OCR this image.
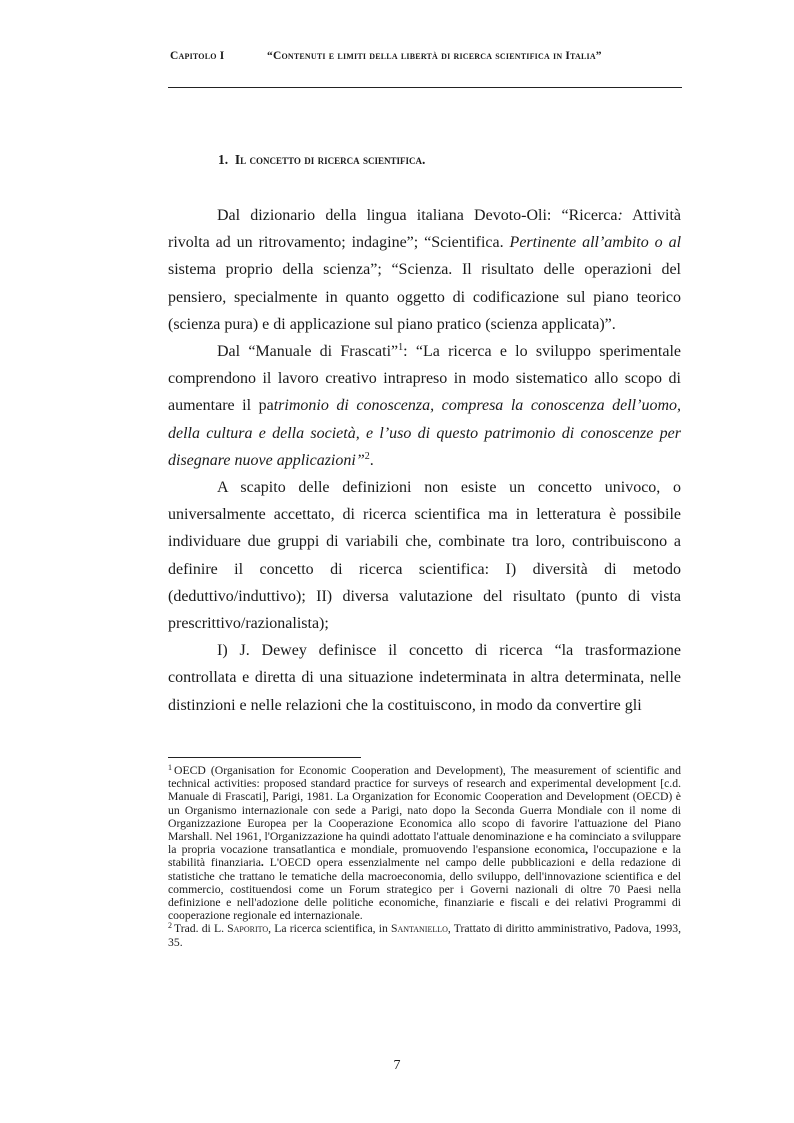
Capitolo I	“Contenuti e limiti della libertà di ricerca scientifica in Italia”
1. Il concetto di ricerca scientifica.

Dal dizionario della lingua italiana Devoto-Oli: “Ricerca: Attività rivolta ad un ritrovamento; indagine”; “Scientifica. Pertinente all’ambito o al sistema proprio della scienza”; “Scienza. Il risultato delle operazioni del pensiero, specialmente in quanto oggetto di codificazione sul piano teorico (scienza pura) e di applicazione sul piano pratico (scienza applicata)”.

Dal “Manuale di Frascati”$^1$: “La ricerca e lo sviluppo sperimentale comprendono il lavoro creativo intrapreso in modo sistematico allo scopo di aumentare il patrimonio di conoscenza, compresa la conoscenza dell’uomo, della cultura e della società, e l’uso di questo patrimonio di conoscenze per disegnare nuove applicazioni”$^2$.

A scapito delle definizioni non esiste un concetto univoco, o universalmente accettato, di ricerca scientifica ma in letteratura è possibile individuare due gruppi di variabili che, combinate tra loro, contribuiscono a definire il concetto di ricerca scientifica: I) diversità di metodo (deduttivo/induttivo); II) diversa valutazione del risultato (punto di vista prescrittivo/razionalista);

I) J. Dewey definisce il concetto di ricerca “la trasformazione controllata e diretta di una situazione indeterminata in altra determinata, nelle distinzioni e nelle relazioni che la costituiscono, in modo da convertire gli

$^1$ OECD (Organisation for Economic Cooperation and Development), The measurement of scientific and technical activities: proposed standard practice for surveys of research and experimental development [c.d. Manuale di Frascati], Parigi, 1981. La Organization for Economic Cooperation and Development (OECD) è un Organismo internazionale con sede a Parigi, nato dopo la Seconda Guerra Mondiale con il nome di Organizzazione Europea per la Cooperazione Economica allo scopo di favorire l'attuazione del Piano Marshall. Nel 1961, l'Organizzazione ha quindi adottato l'attuale denominazione e ha cominciato a sviluppare la propria vocazione transatlantica e mondiale, promuovendo l'espansione economica, l'occupazione e la stabilità finanziaria. L'OECD opera essenzialmente nel campo delle pubblicazioni e della redazione di statistiche che trattano le tematiche della macroeconomia, dello sviluppo, dell'innovazione scientifica e del commercio, costituendosi come un Forum strategico per i Governi nazionali di oltre 70 Paesi nella definizione e nell'adozione delle politiche economiche, finanziarie e fiscali e dei relativi Programmi di cooperazione regionale ed internazionale.

$^2$ Trad. di L. Saporito, La ricerca scientifica, in Santaniello, Trattato di diritto amministrativo, Padova, 1993, 35.

7
